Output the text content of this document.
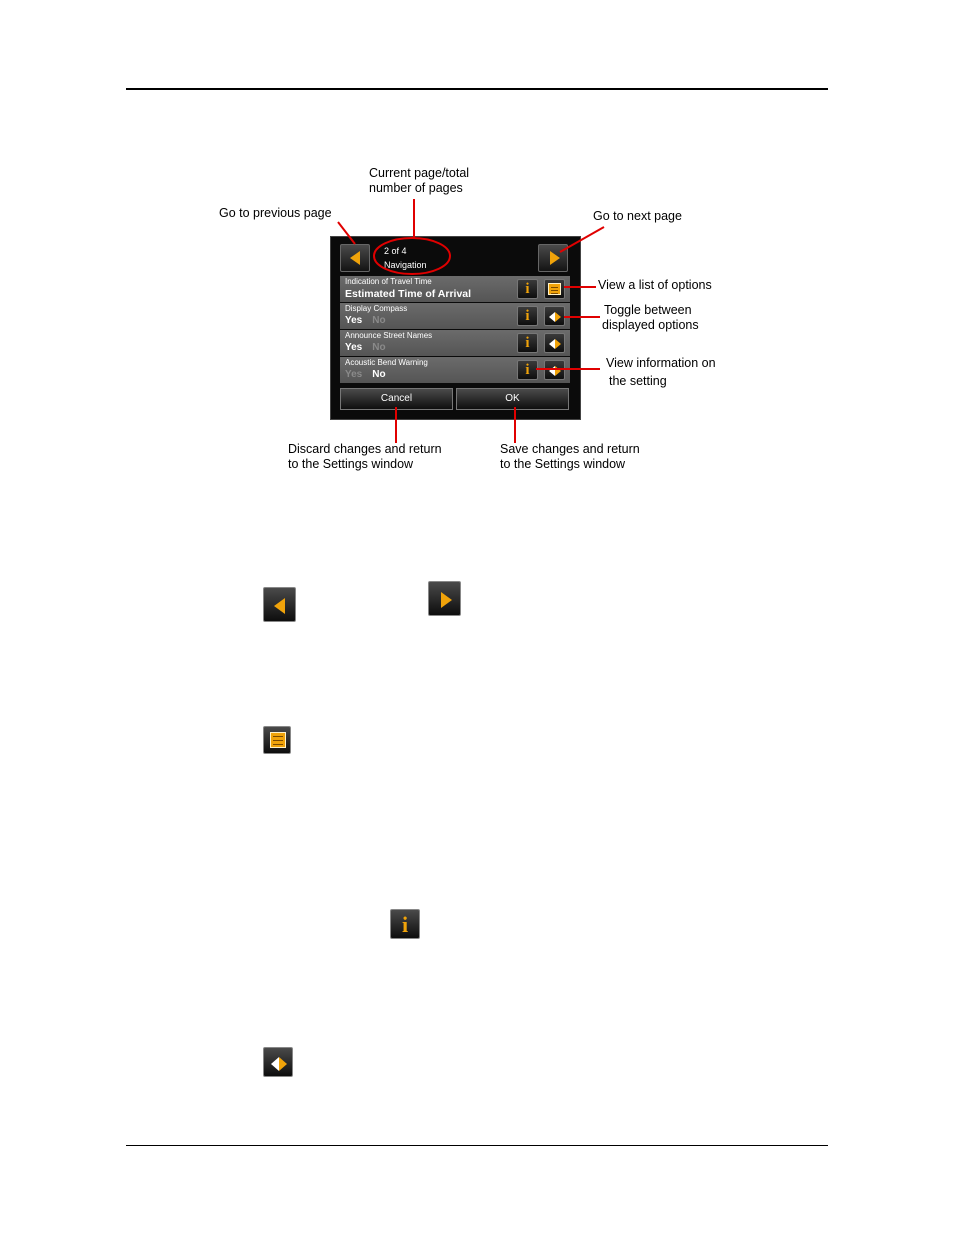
2 of 4
Navigation
Indication of Travel Time
Estimated Time of Arrival	i
Display Compass
Yes No	i
Announce Street Names
Yes No	i
Acoustic Bend Warning
Yes No	i
Cancel	OK
Current page/total
number of pages
Go to previous page	Go to next page
View a list of options
Toggle between
displayed options
View information on
the setting
Discard changes and return
to the Settings window
Save changes and return
to the Settings window
i
